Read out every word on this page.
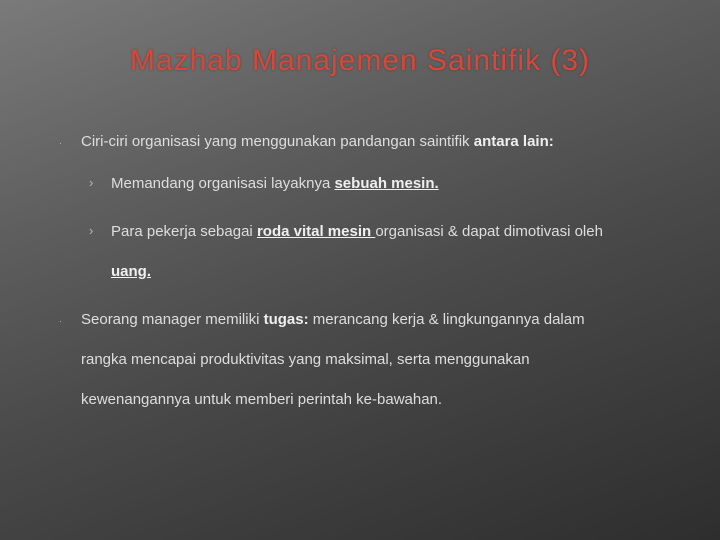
Mazhab Manajemen Saintifik (3)
· Ciri-ciri organisasi yang menggunakan pandangan saintifik antara lain:
› Memandang organisasi layaknya sebuah mesin.
› Para pekerja sebagai roda vital mesin organisasi & dapat dimotivasi oleh
uang.
· Seorang manager memiliki tugas: merancang kerja & lingkungannya dalam
rangka mencapai produktivitas yang maksimal, serta menggunakan
kewenangannya untuk memberi perintah ke-bawahan.
